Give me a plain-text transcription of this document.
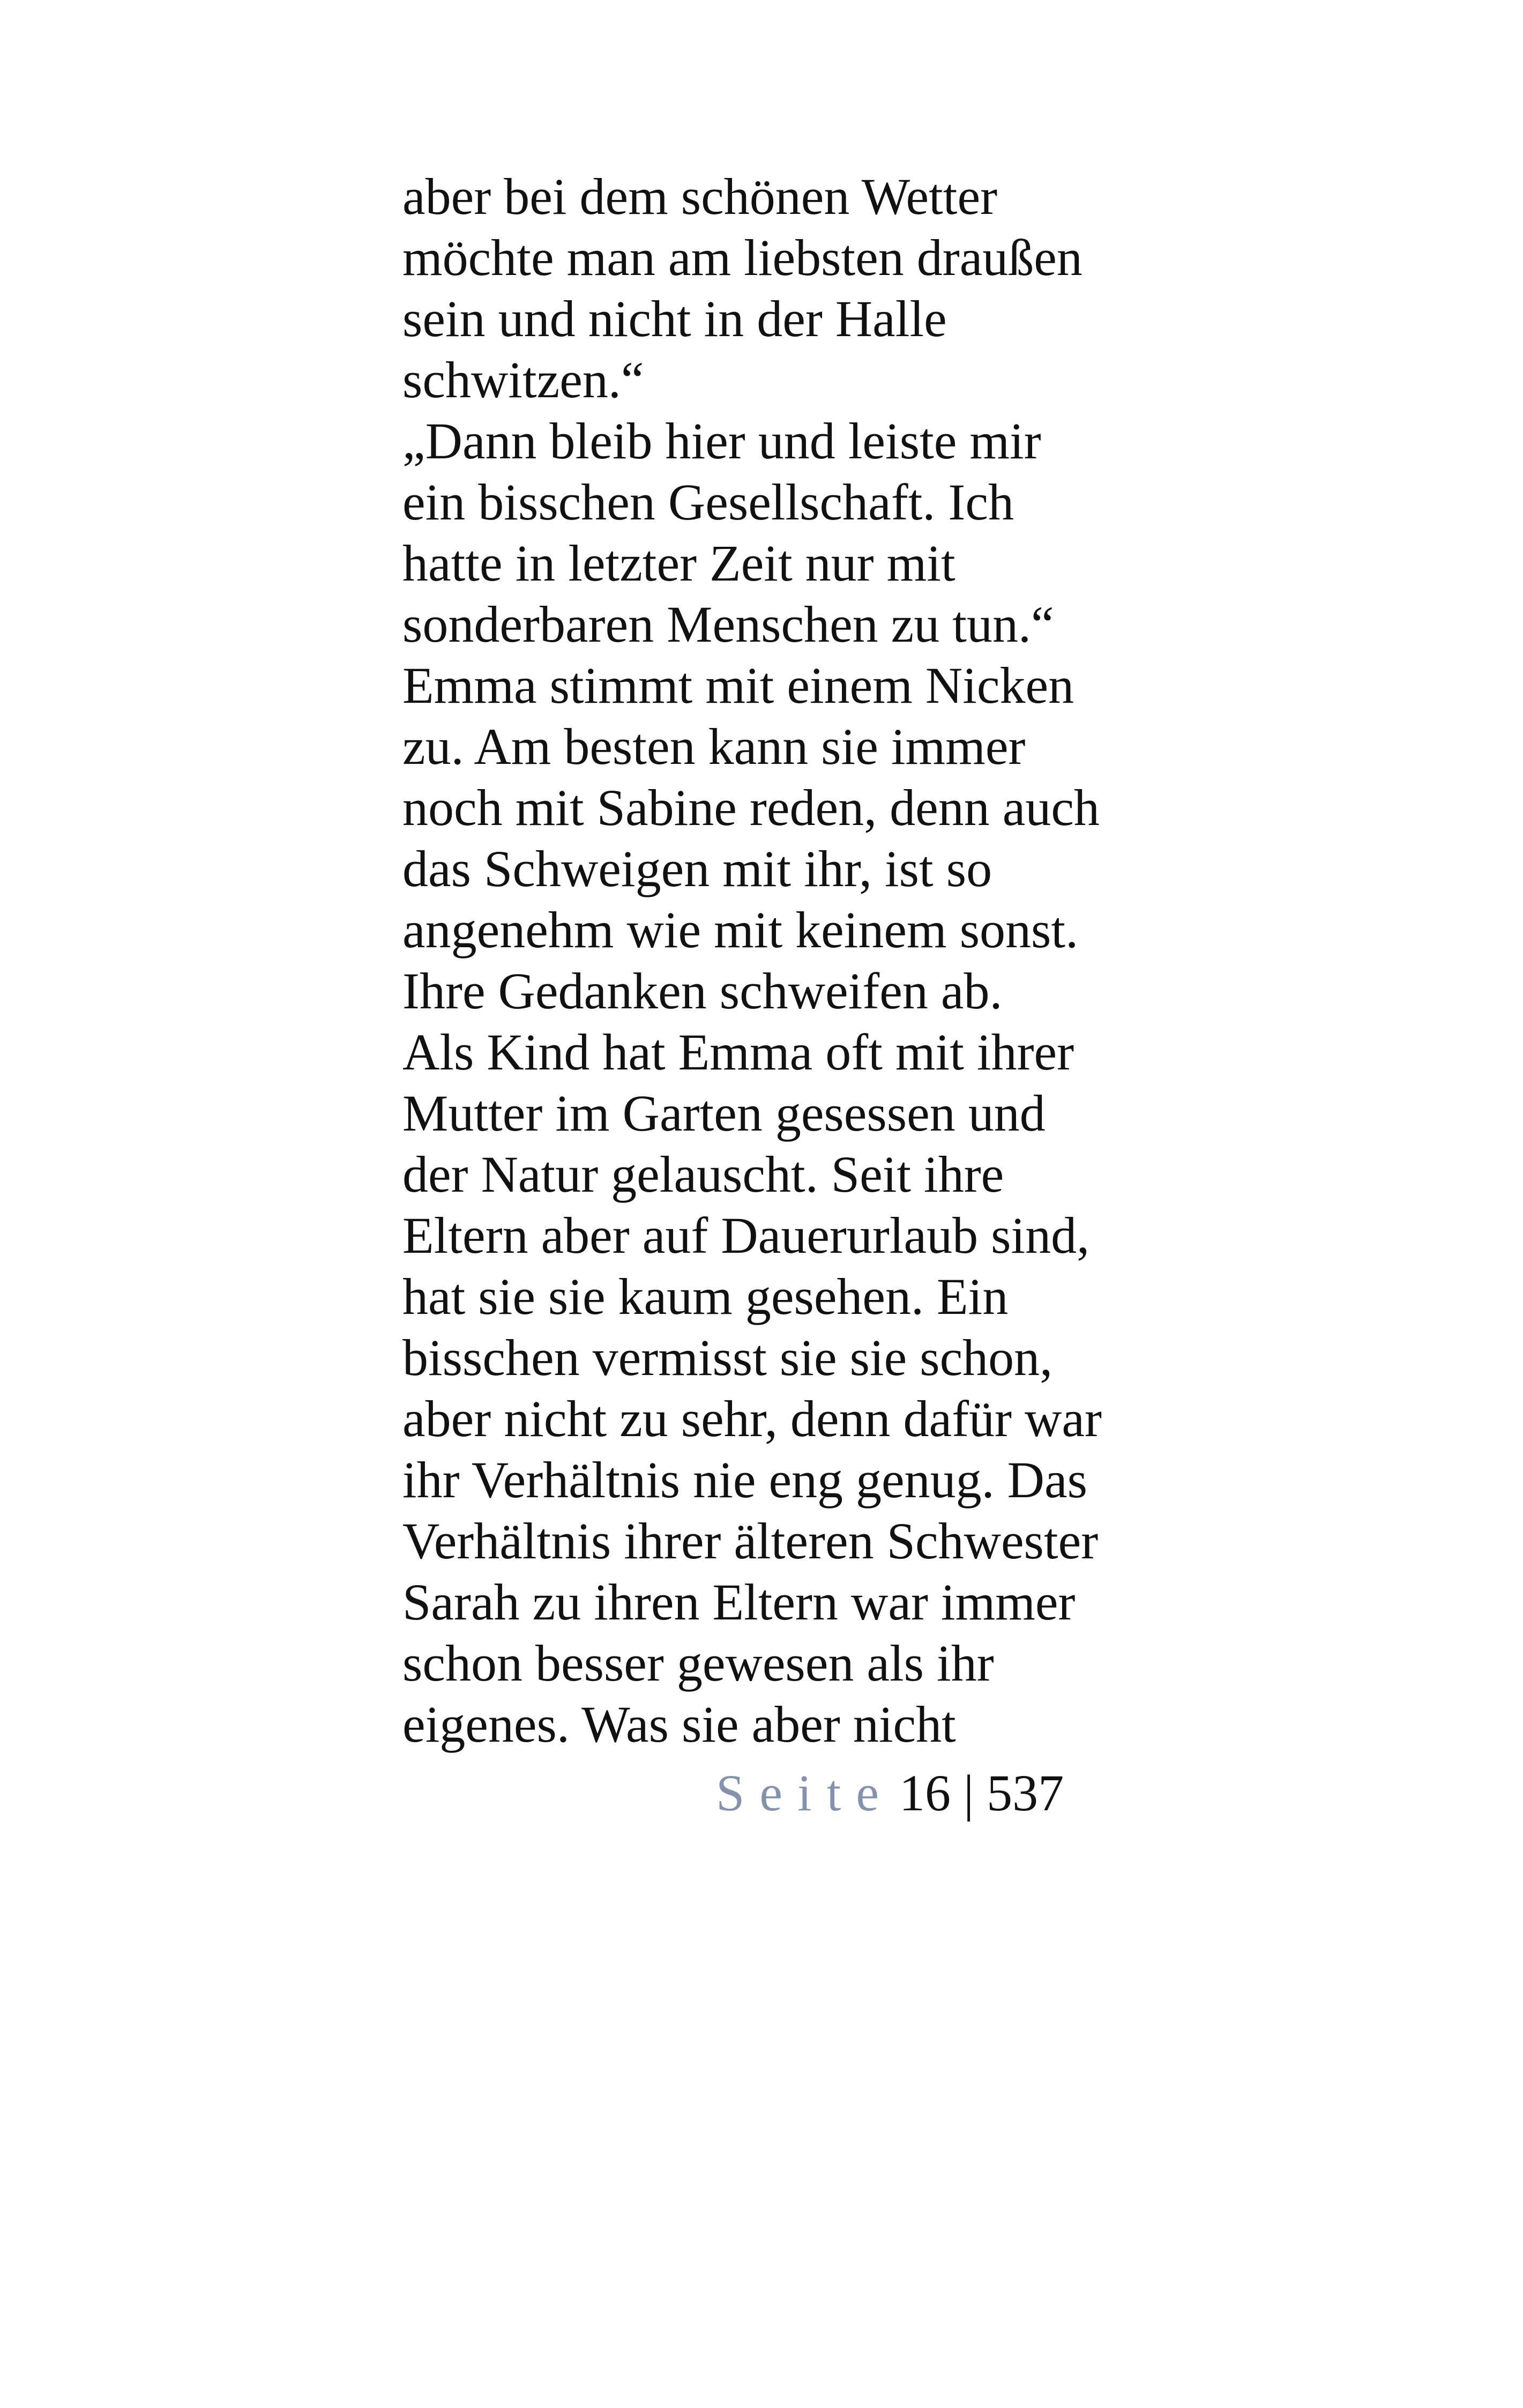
aber bei dem schönen Wetter
möchte man am liebsten draußen
sein und nicht in der Halle
schwitzen.“
„Dann bleib hier und leiste mir
ein bisschen Gesellschaft. Ich
hatte in letzter Zeit nur mit
sonderbaren Menschen zu tun.“
Emma stimmt mit einem Nicken
zu. Am besten kann sie immer
noch mit Sabine reden, denn auch
das Schweigen mit ihr, ist so
angenehm wie mit keinem sonst.
Ihre Gedanken schweifen ab.
Als Kind hat Emma oft mit ihrer
Mutter im Garten gesessen und
der Natur gelauscht. Seit ihre
Eltern aber auf Dauerurlaub sind,
hat sie sie kaum gesehen. Ein
bisschen vermisst sie sie schon,
aber nicht zu sehr, denn dafür war
ihr Verhältnis nie eng genug. Das
Verhältnis ihrer älteren Schwester
Sarah zu ihren Eltern war immer
schon besser gewesen als ihr
eigenes. Was sie aber nicht
Seite 16 | 537
